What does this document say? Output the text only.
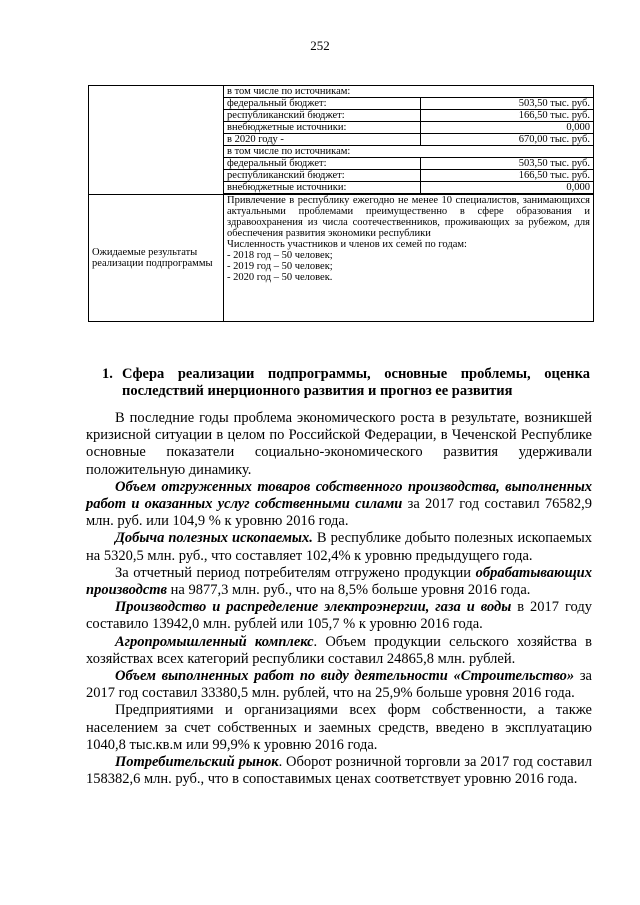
252
	в том числе по источникам:	
	федеральный бюджет:	503,50 тыс. руб.
	республиканский бюджет:	166,50 тыс. руб.
	внебюджетные источники:	0,000
	в 2020 году -	670,00 тыс. руб.
	в том числе по источникам:	
	федеральный бюджет:	503,50 тыс. руб.
	республиканский бюджет:	166,50 тыс. руб.
	внебюджетные источники:	0,000

Ожидаемые результаты реализации подпрограммы	Привлечение в республику ежегодно не менее 10 специалистов, занимающихся актуальными проблемами преимущественно в сфере образования и здравоохранения из числа соотечественников, проживающих за рубежом, для обеспечения развития экономики республики
Численность участников и членов их семей по годам:
- 2018 год – 50 человек;
- 2019 год – 50 человек;
- 2020 год – 50 человек.	
1. Сфера реализации подпрограммы, основные проблемы, оценка последствий инерционного развития и прогноз ее развития

В последние годы проблема экономического роста в результате, возникшей кризисной ситуации в целом по Российской Федерации, в Чеченской Республике основные показатели социально-экономического развития удерживали положительную динамику.

Объем отгруженных товаров собственного производства, выполненных работ и оказанных услуг собственными силами за 2017 год составил 76582,9 млн. руб. или 104,9 % к уровню 2016 года.

Добыча полезных ископаемых. В республике добыто полезных ископаемых на 5320,5 млн. руб., что составляет 102,4% к уровню предыдущего года.

За отчетный период потребителям отгружено продукции обрабатывающих производств на 9877,3 млн. руб., что на 8,5% больше уровня 2016 года.

Производство и распределение электроэнергии, газа и воды в 2017 году составило 13942,0 млн. рублей или 105,7 % к уровню 2016 года.

Агропромышленный комплекс. Объем продукции сельского хозяйства в хозяйствах всех категорий республики составил 24865,8 млн. рублей.

Объем выполненных работ по виду деятельности «Строительство» за 2017 год составил 33380,5 млн. рублей, что на 25,9% больше уровня 2016 года.

Предприятиями и организациями всех форм собственности, а также населением за счет собственных и заемных средств, введено в эксплуатацию 1040,8 тыс.кв.м или 99,9% к уровню 2016 года.

Потребительский рынок. Оборот розничной торговли за 2017 год составил 158382,6 млн. руб., что в сопоставимых ценах соответствует уровню 2016 года.
